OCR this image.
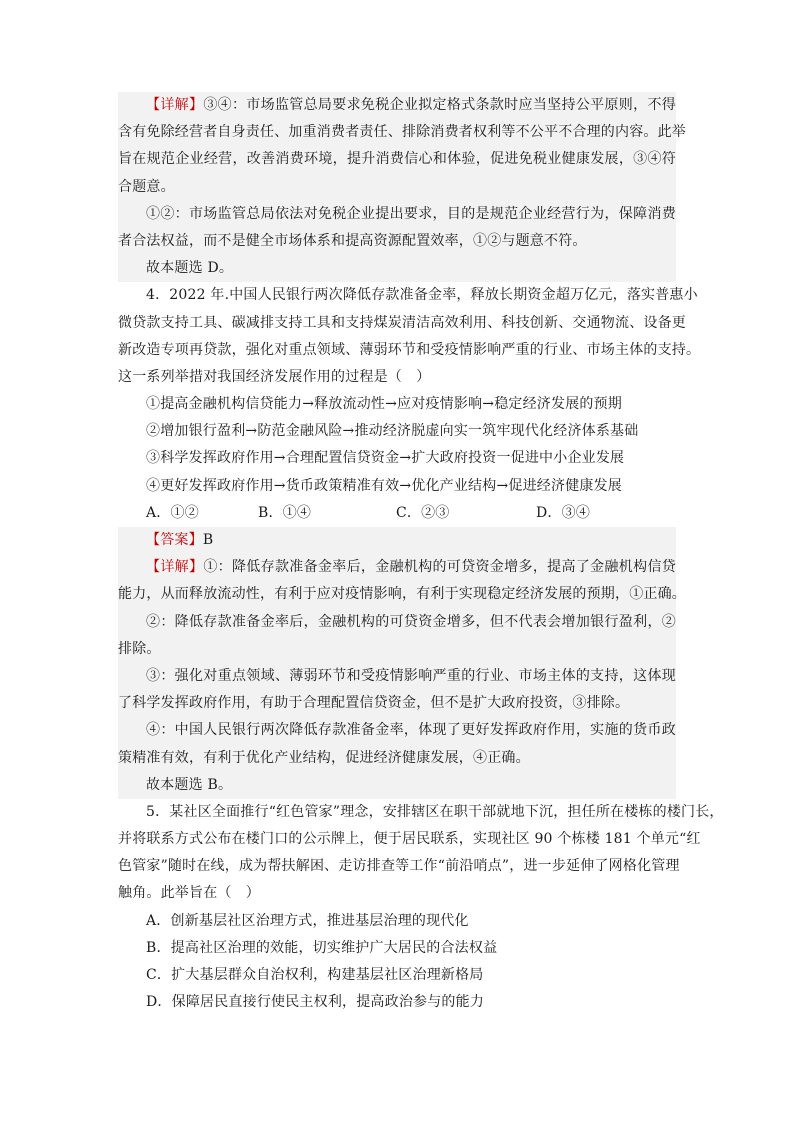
【详解】③④：市场监管总局要求免税企业拟定格式条款时应当坚持公平原则，不得
含有免除经营者自身责任、加重消费者责任、排除消费者权利等不公平不合理的内容。此举
旨在规范企业经营，改善消费环境，提升消费信心和体验，促进免税业健康发展，③④符
合题意。
①②：市场监管总局依法对免税企业提出要求，目的是规范企业经营行为，保障消费
者合法权益，而不是健全市场体系和提高资源配置效率，①②与题意不符。
故本题选 D。
4．2022 年.中国人民银行两次降低存款准备金率，释放长期资金超万亿元，落实普惠小
微贷款支持工具、碳减排支持工具和支持煤炭清洁高效利用、科技创新、交通物流、设备更
新改造专项再贷款，强化对重点领域、薄弱环节和受疫情影响严重的行业、市场主体的支持。
这一系列举措对我国经济发展作用的过程是（　）
①提高金融机构信贷能力→释放流动性→应对疫情影响→稳定经济发展的预期
②增加银行盈利→防范金融风险→推动经济脱虚向实一筑牢现代化经济体系基础
③科学发挥政府作用→合理配置信贷资金→扩大政府投资一促进中小企业发展
④更好发挥政府作用→货币政策精准有效→优化产业结构→促进经济健康发展
A．①②	B．①④	C．②③	D．③④
【答案】B
【详解】①：降低存款准备金率后，金融机构的可贷资金增多，提高了金融机构信贷
能力，从而释放流动性，有利于应对疫情影响，有利于实现稳定经济发展的预期，①正确。
②：降低存款准备金率后，金融机构的可贷资金增多，但不代表会增加银行盈利，②
排除。
③：强化对重点领域、薄弱环节和受疫情影响严重的行业、市场主体的支持，这体现
了科学发挥政府作用，有助于合理配置信贷资金，但不是扩大政府投资，③排除。
④：中国人民银行两次降低存款准备金率，体现了更好发挥政府作用，实施的货币政
策精准有效，有利于优化产业结构，促进经济健康发展，④正确。
故本题选 B。
5．某社区全面推行“红色管家”理念，安排辖区在职干部就地下沉，担任所在楼栋的楼门长，
并将联系方式公布在楼门口的公示牌上，便于居民联系，实现社区 90 个栋楼 181 个单元“红
色管家”随时在线，成为帮扶解困、走访排查等工作“前沿哨点”，进一步延伸了网格化管理
触角。此举旨在（　）
A．创新基层社区治理方式，推进基层治理的现代化
B．提高社区治理的效能，切实维护广大居民的合法权益
C．扩大基层群众自治权利，构建基层社区治理新格局
D．保障居民直接行使民主权利，提高政治参与的能力
